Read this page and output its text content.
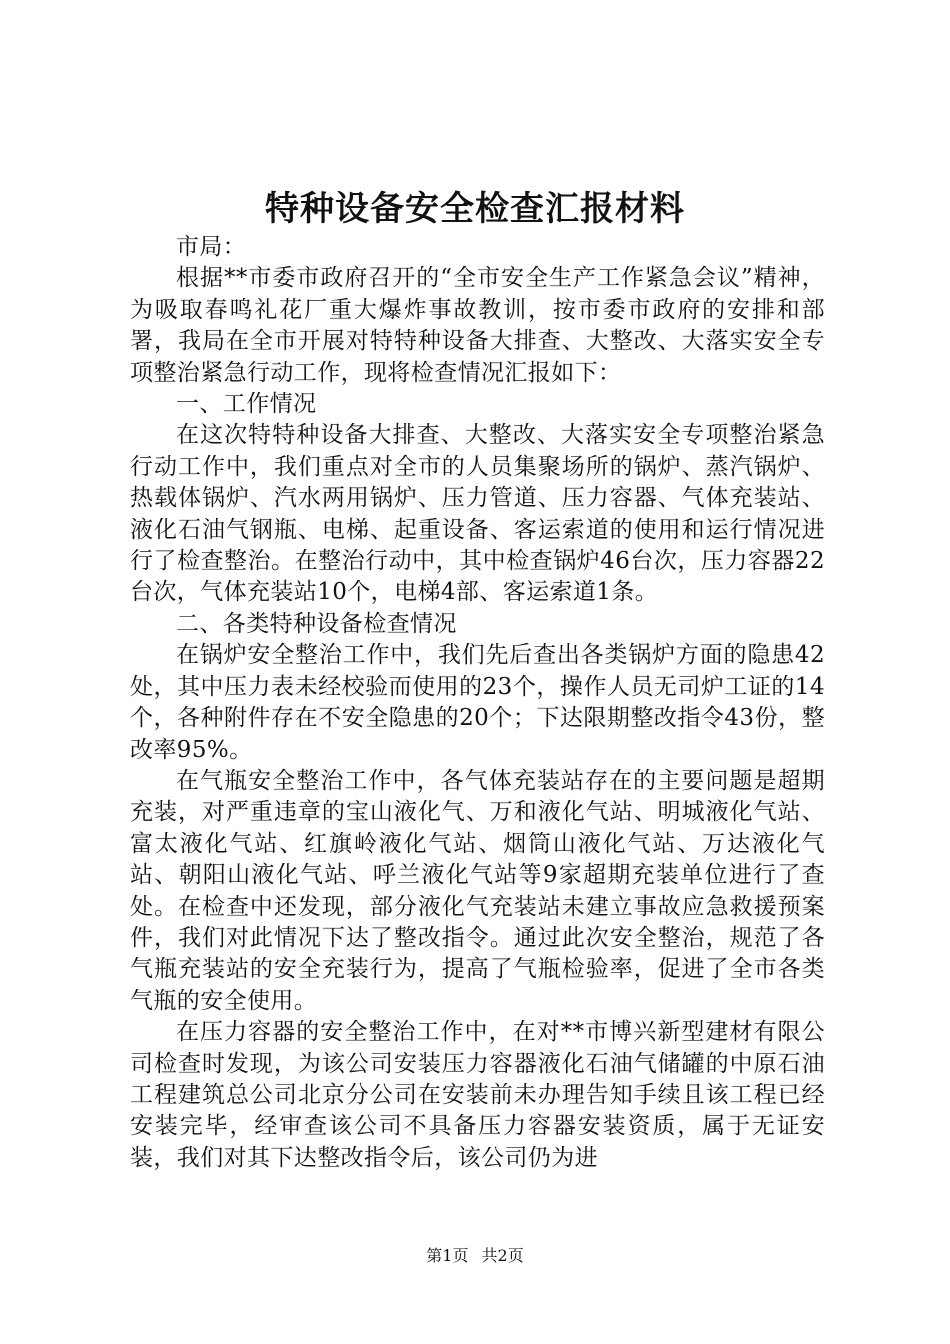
特种设备安全检查汇报材料

市局：

根据**市委市政府召开的“全市安全生产工作紧急会议”精神，为吸取春鸣礼花厂重大爆炸事故教训，按市委市政府的安排和部署，我局在全市开展对特特种设备大排查、大整改、大落实安全专项整治紧急行动工作，现将检查情况汇报如下：

一、工作情况

在这次特特种设备大排查、大整改、大落实安全专项整治紧急行动工作中，我们重点对全市的人员集聚场所的锅炉、蒸汽锅炉、热载体锅炉、汽水两用锅炉、压力管道、压力容器、气体充装站、液化石油气钢瓶、电梯、起重设备、客运索道的使用和运行情况进行了检查整治。在整治行动中，其中检查锅炉46台次，压力容器22台次，气体充装站10个，电梯4部、客运索道1条。

二、各类特种设备检查情况

在锅炉安全整治工作中，我们先后查出各类锅炉方面的隐患42处，其中压力表未经校验而使用的23个，操作人员无司炉工证的14个，各种附件存在不安全隐患的20个；下达限期整改指令43份，整改率95%。

在气瓶安全整治工作中，各气体充装站存在的主要问题是超期充装，对严重违章的宝山液化气、万和液化气站、明城液化气站、富太液化气站、红旗岭液化气站、烟筒山液化气站、万达液化气站、朝阳山液化气站、呼兰液化气站等9家超期充装单位进行了查处。在检查中还发现，部分液化气充装站未建立事故应急救援预案件，我们对此情况下达了整改指令。通过此次安全整治，规范了各气瓶充装站的安全充装行为，提高了气瓶检验率，促进了全市各类气瓶的安全使用。

在压力容器的安全整治工作中，在对**市博兴新型建材有限公司检查时发现，为该公司安装压力容器液化石油气储罐的中原石油工程建筑总公司北京分公司在安装前未办理告知手续且该工程已经安装完毕，经审查该公司不具备压力容器安装资质，属于无证安装，我们对其下达整改指令后，该公司仍为进

第1页 共2页
